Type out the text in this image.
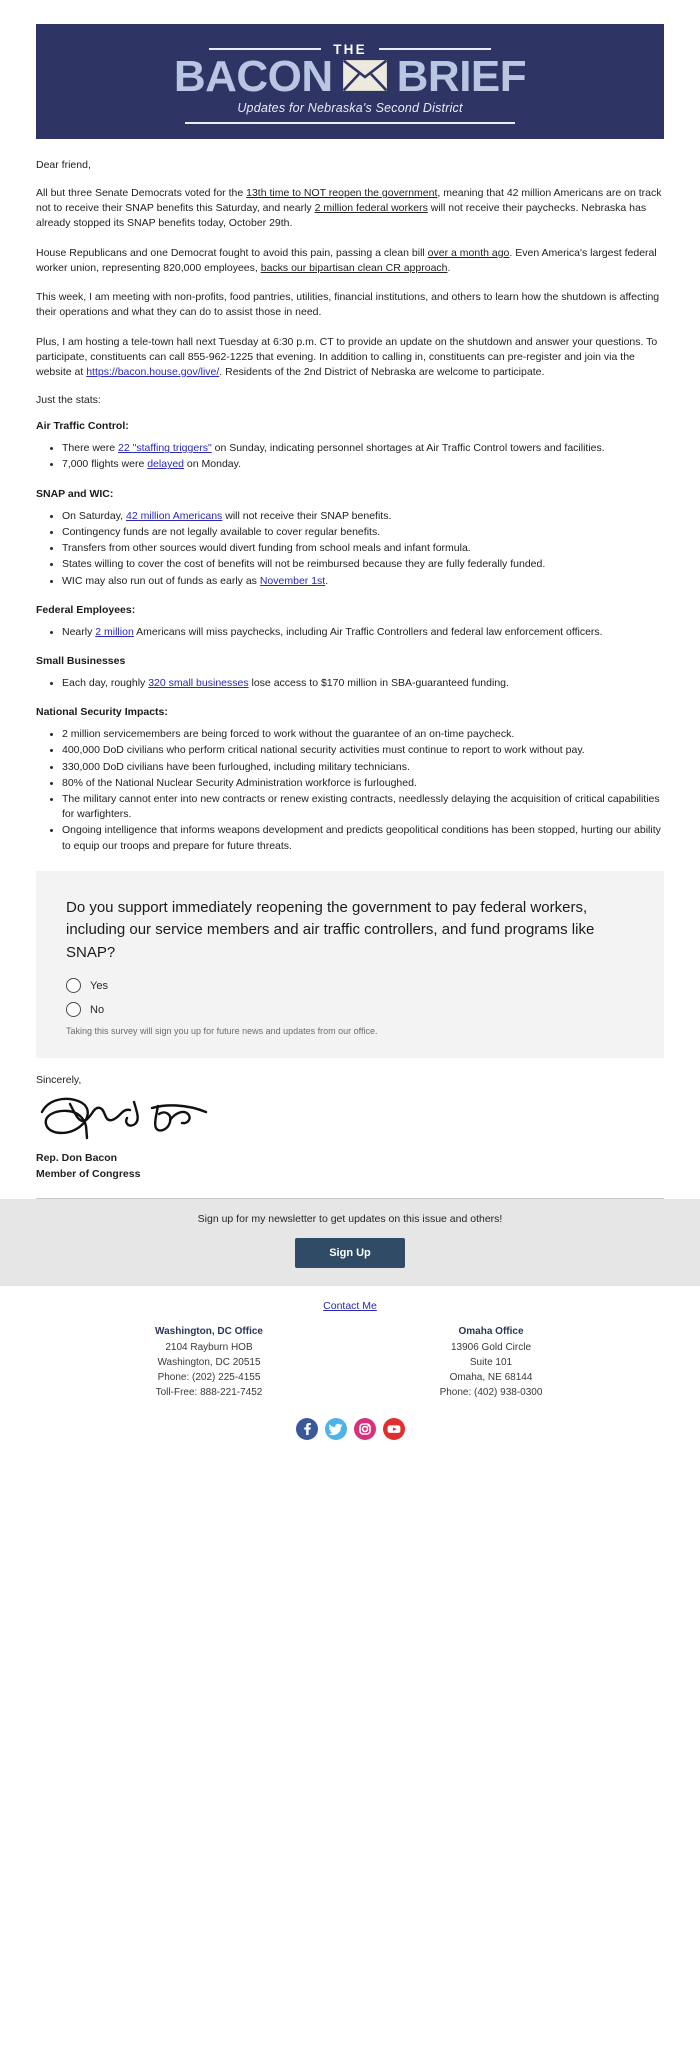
THE
BACON BRIEF
Updates for Nebraska's Second District

Dear friend,

All but three Senate Democrats voted for the 13th time to NOT reopen the government, meaning that 42 million Americans are on track not to receive their SNAP benefits this Saturday, and nearly 2 million federal workers will not receive their paychecks. Nebraska has already stopped its SNAP benefits today, October 29th.

House Republicans and one Democrat fought to avoid this pain, passing a clean bill over a month ago. Even America's largest federal worker union, representing 820,000 employees, backs our bipartisan clean CR approach.

This week, I am meeting with non-profits, food pantries, utilities, financial institutions, and others to learn how the shutdown is affecting their operations and what they can do to assist those in need.

Plus, I am hosting a tele-town hall next Tuesday at 6:30 p.m. CT to provide an update on the shutdown and answer your questions. To participate, constituents can call 855-962-1225 that evening. In addition to calling in, constituents can pre-register and join via the website at https://bacon.house.gov/live/. Residents of the 2nd District of Nebraska are welcome to participate.

Just the stats:

Air Traffic Control:
There were 22 "staffing triggers" on Sunday, indicating personnel shortages at Air Traffic Control towers and facilities.
7,000 flights were delayed on Monday.
SNAP and WIC:
On Saturday, 42 million Americans will not receive their SNAP benefits.
Contingency funds are not legally available to cover regular benefits.
Transfers from other sources would divert funding from school meals and infant formula.
States willing to cover the cost of benefits will not be reimbursed because they are fully federally funded.
WIC may also run out of funds as early as November 1st.
Federal Employees:
Nearly 2 million Americans will miss paychecks, including Air Traffic Controllers and federal law enforcement officers.
Small Businesses
Each day, roughly 320 small businesses lose access to $170 million in SBA-guaranteed funding.
National Security Impacts:
2 million servicemembers are being forced to work without the guarantee of an on-time paycheck.
400,000 DoD civilians who perform critical national security activities must continue to report to work without pay.
330,000 DoD civilians have been furloughed, including military technicians.
80% of the National Nuclear Security Administration workforce is furloughed.
The military cannot enter into new contracts or renew existing contracts, needlessly delaying the acquisition of critical capabilities for warfighters.
Ongoing intelligence that informs weapons development and predicts geopolitical conditions has been stopped, hurting our ability to equip our troops and prepare for future threats.
Do you support immediately reopening the government to pay federal workers, including our service members and air traffic controllers, and fund programs like SNAP?
Yes
No
Taking this survey will sign you up for future news and updates from our office.

Sincerely,

Rep. Don Bacon

Member of Congress

Sign up for my newsletter to get updates on this issue and others!

Sign Up
Contact Me
Washington, DC Office
2104 Rayburn HOB
Washington, DC 20515
Phone: (202) 225-4155
Toll-Free: 888-221-7452
Omaha Office
13906 Gold Circle
Suite 101
Omaha, NE 68144
Phone: (402) 938-0300
